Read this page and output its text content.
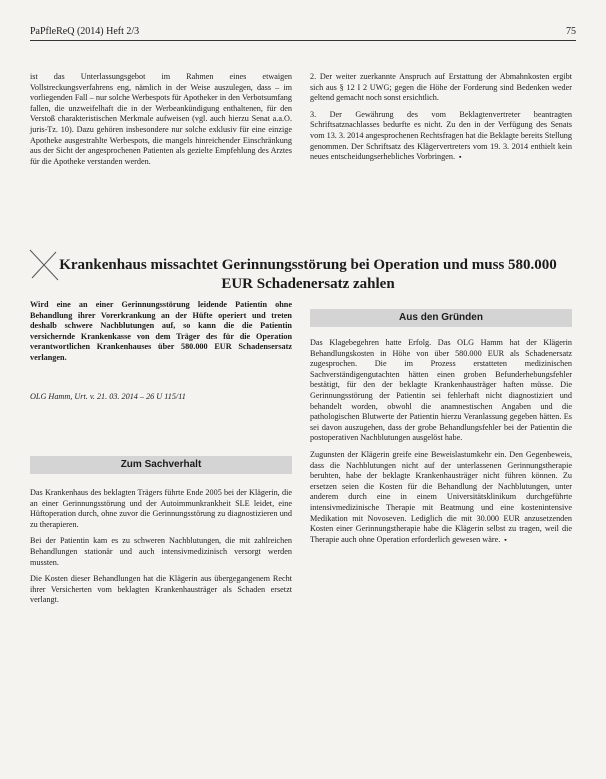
PaPfleReQ (2014) Heft 2/3	75

ist das Unterlassungsgebot im Rahmen eines etwaigen Vollstreckungsverfahrens eng, nämlich in der Weise auszulegen, dass – im vorliegenden Fall – nur solche Werbespots für Apotheker in den Verbotsumfang fallen, die unzweifelhaft die in der Werbeankündigung enthaltenen, für den Verstoß charakteristischen Merkmale aufweisen (vgl. auch hierzu Senat a.a.O. juris-Tz. 10). Dazu gehören insbesondere nur solche exklusiv für eine einzige Apotheke ausgestrahlte Werbespots, die mangels hinreichender Einschränkung aus der Sicht der angesprochenen Patienten als gezielte Empfehlung des Arztes für die Apotheke verstanden werden.

2. Der weiter zuerkannte Anspruch auf Erstattung der Abmahnkosten ergibt sich aus § 12 I 2 UWG; gegen die Höhe der Forderung sind Bedenken weder geltend gemacht noch sonst ersichtlich.

3. Der Gewährung des vom Beklagtenvertreter beantragten Schriftsatznachlasses bedurfte es nicht. Zu den in der Verfügung des Senats vom 13. 3. 2014 angesprochenen Rechtsfragen hat die Beklagte bereits Stellung genommen. Der Schriftsatz des Klägervertreters vom 19. 3. 2014 enthielt kein neues entscheidungserhebliches Vorbringen. ▪

Krankenhaus missachtet Gerinnungsstörung bei Operation und muss 580.000 EUR Schadenersatz zahlen
Wird eine an einer Gerinnungsstörung leidende Patientin ohne Behandlung ihrer Vorerkrankung an der Hüfte operiert und treten deshalb schwere Nachblutungen auf, so kann die die Patientin versichernde Krankenkasse von dem Träger des für die Operation verantwortlichen Krankenhauses über 580.000 EUR Schadensersatz verlangen.
OLG Hamm, Urt. v. 21. 03. 2014 – 26 U 115/11
Zum Sachverhalt

Das Krankenhaus des beklagten Trägers führte Ende 2005 bei der Klägerin, die an einer Gerinnungsstörung und der Autoimmunkrankheit SLE leidet, eine Hüftoperation durch, ohne zuvor die Gerinnungsstörung zu diagnostizieren und zu therapieren.

Bei der Patientin kam es zu schweren Nachblutungen, die mit zahlreichen Behandlungen stationär und auch intensivmedizinisch versorgt werden mussten.

Die Kosten dieser Behandlungen hat die Klägerin aus übergegangenem Recht ihrer Versicherten vom beklagten Krankenhausträger als Schaden ersetzt verlangt.

Aus den Gründen

Das Klagebegehren hatte Erfolg. Das OLG Hamm hat der Klägerin Behandlungskosten in Höhe von über 580.000 EUR als Schadenersatz zugesprochen. Die im Prozess erstatteten medizinischen Sachverständigengutachten hätten einen groben Befunderhebungsfehler bestätigt, für den der beklagte Krankenhausträger haften müsse. Die Gerinnungsstörung der Patientin sei fehlerhaft nicht diagnostiziert und behandelt worden, obwohl die anamnestischen Angaben und die pathologischen Blutwerte der Patientin hierzu Veranlassung gegeben hätten. Es sei davon auszugehen, dass der grobe Behandlungsfehler bei der Patientin die postoperativen Nachblutungen ausgelöst habe.

Zugunsten der Klägerin greife eine Beweislastumkehr ein. Den Gegenbeweis, dass die Nachblutungen nicht auf der unterlassenen Gerinnungstherapie beruhten, habe der beklagte Krankenhausträger nicht führen können. Zu ersetzen seien die Kosten für die Behandlung der Nachblutungen, unter anderem durch eine in einem Universitätsklinikum durchgeführte intensivmedizinische Therapie mit Beatmung und eine kostenintensive Medikation mit Novoseven. Lediglich die mit 30.000 EUR anzusetzenden Kosten einer Gerinnungstherapie habe die Klägerin selbst zu tragen, weil die Therapie auch ohne Operation erforderlich gewesen wäre. ▪
